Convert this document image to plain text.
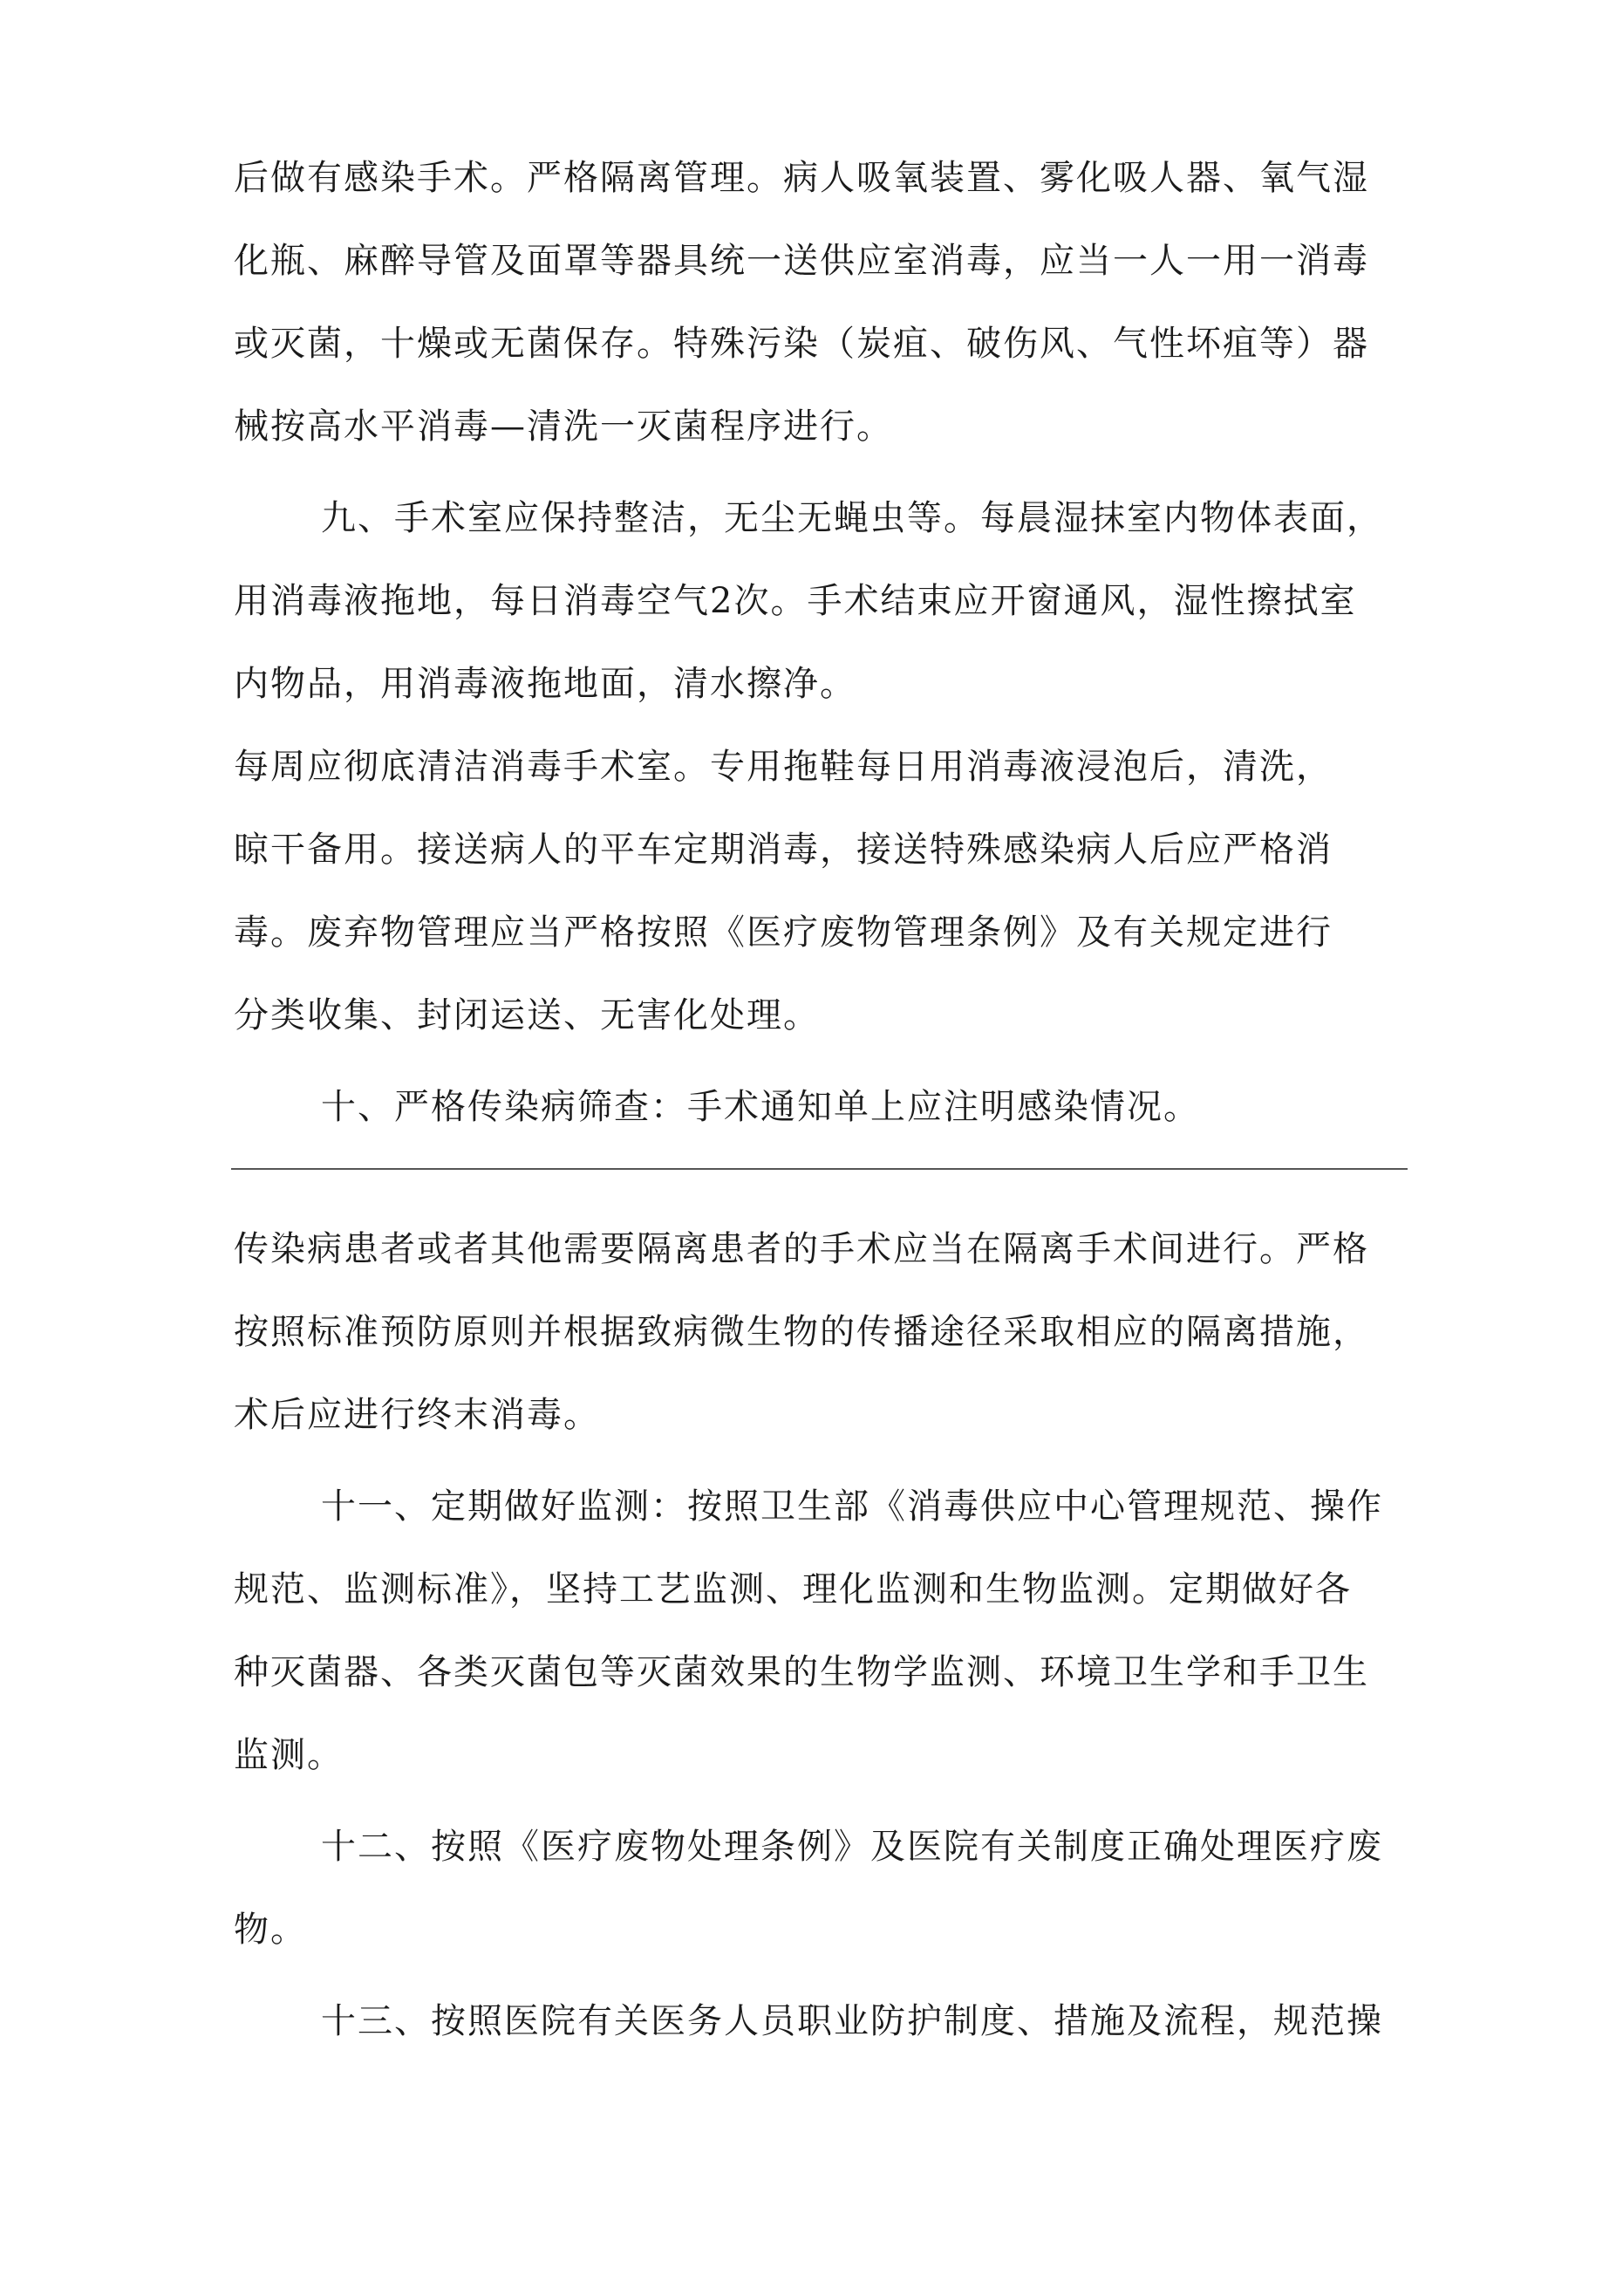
后做有感染手术。严格隔离管理。病人吸氧装置、雾化吸人器、氧气湿
化瓶、麻醉导管及面罩等器具统一送供应室消毒，应当一人一用一消毒
或灭菌，十燥或无菌保存。特殊污染（炭疽、破伤风、气性坏疽等）器
械按高水平消毒—清洗一灭菌程序进行。
九、手术室应保持整洁，无尘无蝇虫等。每晨湿抹室内物体表面，
用消毒液拖地，每日消毒空气2次。手术结束应开窗通风，湿性擦拭室
内物品，用消毒液拖地面，清水擦净。
每周应彻底清洁消毒手术室。专用拖鞋每日用消毒液浸泡后，清洗，
晾干备用。接送病人的平车定期消毒，接送特殊感染病人后应严格消
毒。废弃物管理应当严格按照《医疗废物管理条例》及有关规定进行
分类收集、封闭运送、无害化处理。
十、严格传染病筛查：手术通知单上应注明感染情况。
传染病患者或者其他需要隔离患者的手术应当在隔离手术间进行。严格
按照标准预防原则并根据致病微生物的传播途径采取相应的隔离措施，
术后应进行终末消毒。
十一、定期做好监测：按照卫生部《消毒供应中心管理规范、操作
规范、监测标准》，坚持工艺监测、理化监测和生物监测。定期做好各
种灭菌器、各类灭菌包等灭菌效果的生物学监测、环境卫生学和手卫生
监测。
十二、按照《医疗废物处理条例》及医院有关制度正确处理医疗废
物。
十三、按照医院有关医务人员职业防护制度、措施及流程，规范操
